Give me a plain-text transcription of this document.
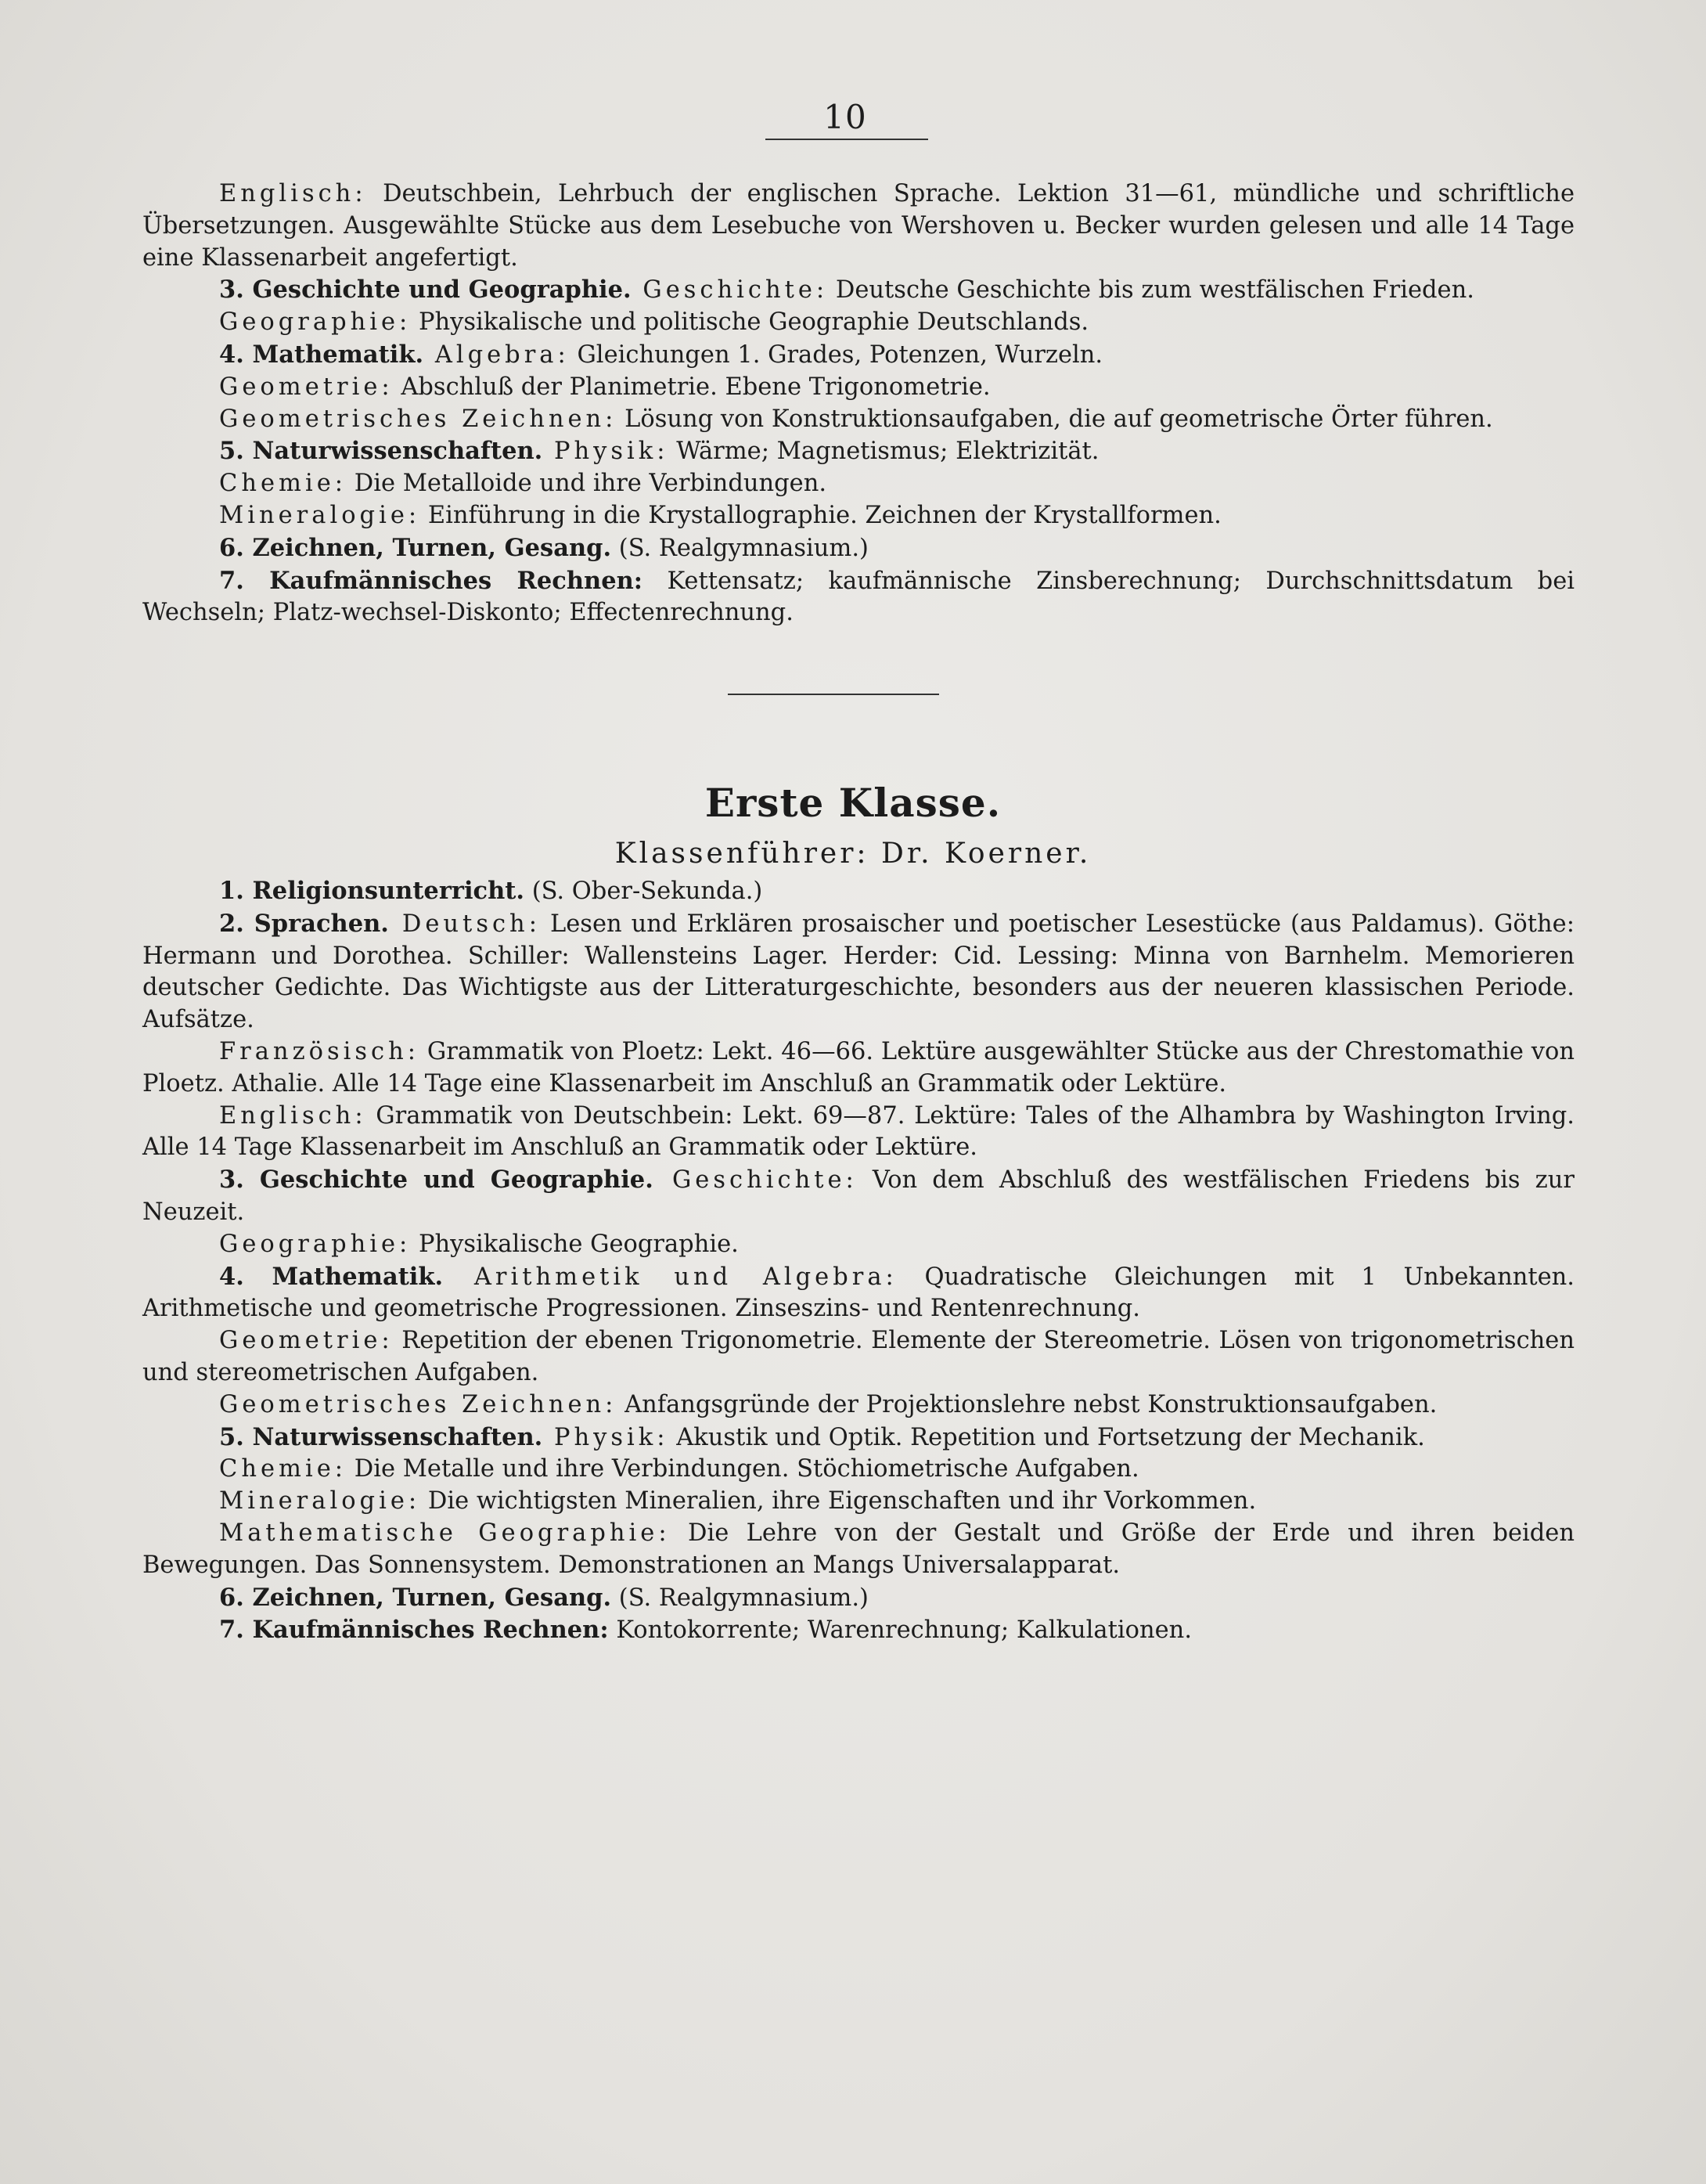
10

Englisch: Deutschbein, Lehrbuch der englischen Sprache. Lektion 31—61, mündliche und schriftliche Übersetzungen. Ausgewählte Stücke aus dem Lesebuche von Wershoven u. Becker wurden gelesen und alle 14 Tage eine Klassenarbeit angefertigt.

3. Geschichte und Geographie. Geschichte: Deutsche Geschichte bis zum westfälischen Frieden.

Geographie: Physikalische und politische Geographie Deutschlands.

4. Mathematik. Algebra: Gleichungen 1. Grades, Potenzen, Wurzeln.

Geometrie: Abschluß der Planimetrie. Ebene Trigonometrie.

Geometrisches Zeichnen: Lösung von Konstruktionsaufgaben, die auf geometrische Örter führen.

5. Naturwissenschaften. Physik: Wärme; Magnetismus; Elektrizität.

Chemie: Die Metalloide und ihre Verbindungen.

Mineralogie: Einführung in die Krystallographie. Zeichnen der Krystallformen.

6. Zeichnen, Turnen, Gesang. (S. Realgymnasium.)

7. Kaufmännisches Rechnen: Kettensatz; kaufmännische Zinsberechnung; Durchschnittsdatum bei Wechseln; Platz-wechsel-Diskonto; Effectenrechnung.

Erste Klasse.
Klassenführer: Dr. Koerner.

1. Religionsunterricht. (S. Ober-Sekunda.)

2. Sprachen. Deutsch: Lesen und Erklären prosaischer und poetischer Lesestücke (aus Paldamus). Göthe: Hermann und Dorothea. Schiller: Wallensteins Lager. Herder: Cid. Lessing: Minna von Barnhelm. Memorieren deutscher Gedichte. Das Wichtigste aus der Litteraturgeschichte, besonders aus der neueren klassischen Periode. Aufsätze.

Französisch: Grammatik von Ploetz: Lekt. 46—66. Lektüre ausgewählter Stücke aus der Chrestomathie von Ploetz. Athalie. Alle 14 Tage eine Klassenarbeit im Anschluß an Grammatik oder Lektüre.

Englisch: Grammatik von Deutschbein: Lekt. 69—87. Lektüre: Tales of the Alhambra by Washington Irving. Alle 14 Tage Klassenarbeit im Anschluß an Grammatik oder Lektüre.

3. Geschichte und Geographie. Geschichte: Von dem Abschluß des westfälischen Friedens bis zur Neuzeit.

Geographie: Physikalische Geographie.

4. Mathematik. Arithmetik und Algebra: Quadratische Gleichungen mit 1 Unbekannten. Arithmetische und geometrische Progressionen. Zinseszins- und Rentenrechnung.

Geometrie: Repetition der ebenen Trigonometrie. Elemente der Stereometrie. Lösen von trigonometrischen und stereometrischen Aufgaben.

Geometrisches Zeichnen: Anfangsgründe der Projektionslehre nebst Konstruktionsaufgaben.

5. Naturwissenschaften. Physik: Akustik und Optik. Repetition und Fortsetzung der Mechanik.

Chemie: Die Metalle und ihre Verbindungen. Stöchiometrische Aufgaben.

Mineralogie: Die wichtigsten Mineralien, ihre Eigenschaften und ihr Vorkommen.

Mathematische Geographie: Die Lehre von der Gestalt und Größe der Erde und ihren beiden Bewegungen. Das Sonnensystem. Demonstrationen an Mangs Universalapparat.

6. Zeichnen, Turnen, Gesang. (S. Realgymnasium.)

7. Kaufmännisches Rechnen: Kontokorrente; Warenrechnung; Kalkulationen.
